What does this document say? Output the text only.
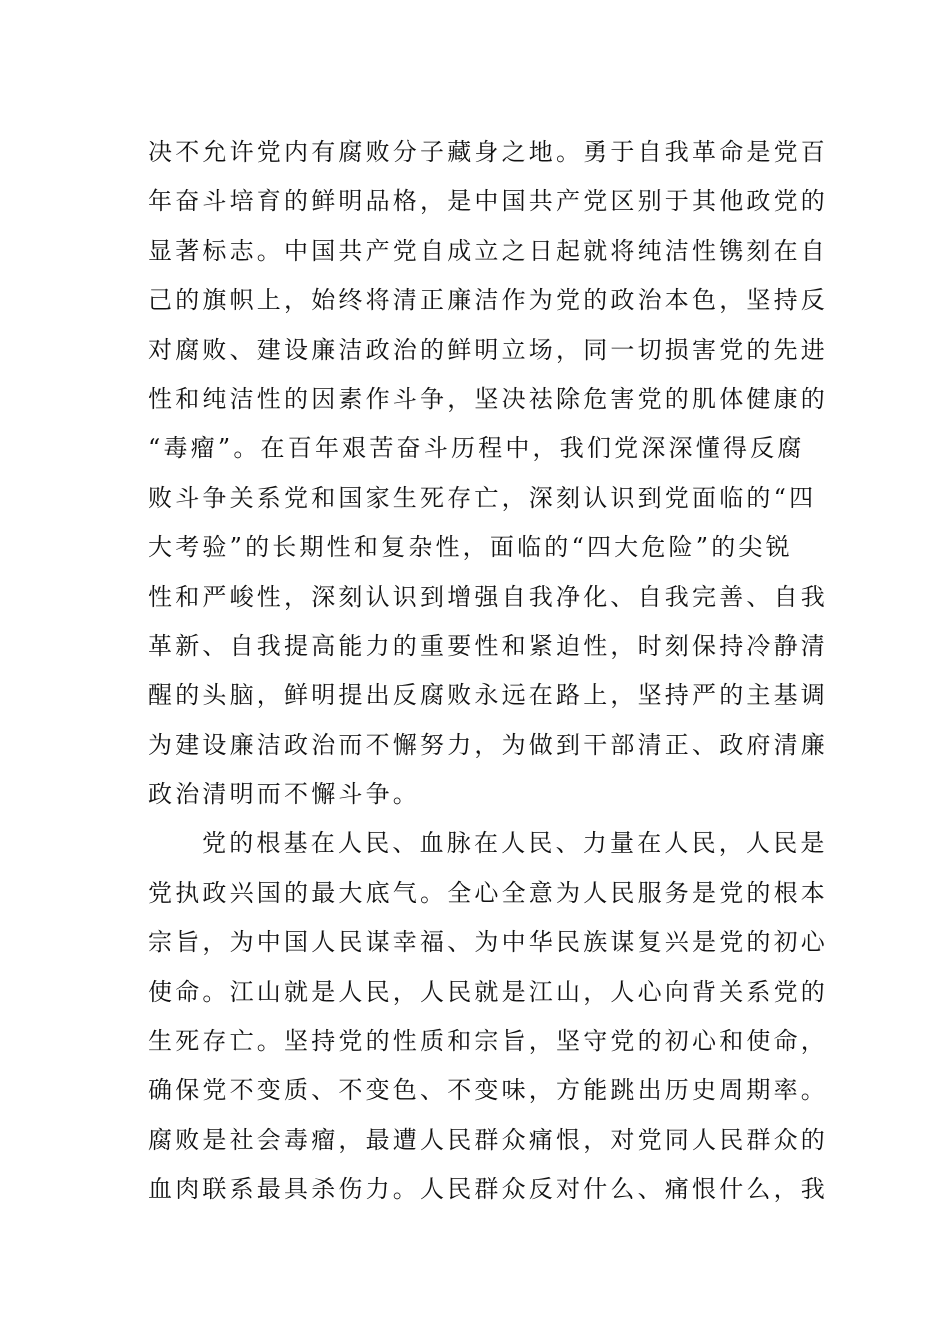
决不允许党内有腐败分子藏身之地。勇于自我革命是党百
年奋斗培育的鲜明品格，是中国共产党区别于其他政党的
显著标志。中国共产党自成立之日起就将纯洁性镌刻在自
己的旗帜上，始终将清正廉洁作为党的政治本色，坚持反
对腐败、建设廉洁政治的鲜明立场，同一切损害党的先进
性和纯洁性的因素作斗争，坚决祛除危害党的肌体健康的
“毒瘤”。在百年艰苦奋斗历程中，我们党深深懂得反腐
败斗争关系党和国家生死存亡，深刻认识到党面临的“四
大考验”的长期性和复杂性，面临的“四大危险”的尖锐
性和严峻性，深刻认识到增强自我净化、自我完善、自我
革新、自我提高能力的重要性和紧迫性，时刻保持冷静清
醒的头脑，鲜明提出反腐败永远在路上，坚持严的主基调
为建设廉洁政治而不懈努力，为做到干部清正、政府清廉
政治清明而不懈斗争。
党的根基在人民、血脉在人民、力量在人民，人民是
党执政兴国的最大底气。全心全意为人民服务是党的根本
宗旨，为中国人民谋幸福、为中华民族谋复兴是党的初心
使命。江山就是人民，人民就是江山，人心向背关系党的
生死存亡。坚持党的性质和宗旨，坚守党的初心和使命，
确保党不变质、不变色、不变味，方能跳出历史周期率。
腐败是社会毒瘤，最遭人民群众痛恨，对党同人民群众的
血肉联系最具杀伤力。人民群众反对什么、痛恨什么，我
